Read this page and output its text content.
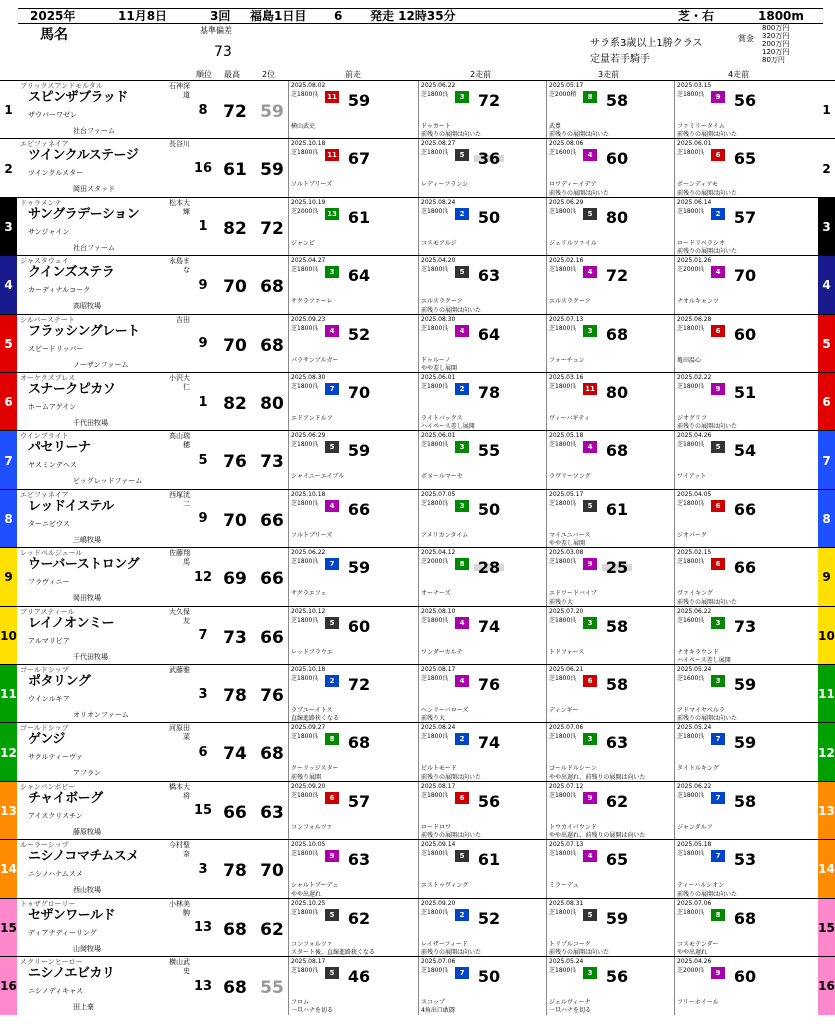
2025年	11月8日	3回 福島1日目 6 発走 12時35分	芝・右	1800m
馬名	基準偏差
73
サラ系3歳以上1勝クラス
定量若手騎手
順位 最高	2位	前走	2走前	3走前	4走前
賞金
800万円
320万円
200万円
120万円
80万円
1	1
ブリックスアンドモルタル
スピンザブラッド
ザウバーワゼレ
社台ファーム
石神深道
8 72 59
2025.08.02
芝1800良	11 59
横山武史
2025.06.22
芝1800良	3 72
ドゥカート
前残りの展開は向いた
2025.05.17
芝2000稍	8 58
武豊
前残りの展開は向いた
2025.03.15
芝1800良	9 56
ファミリータイム
前残りの展開は向いた
2	2
エピファネイア
ツインクルステージ
ツインクルスター
岡田スタッド
長谷川
16 61 59
2025.10.18
芝1800良	11 67
ソルトブリーズ
2025.08.27
芝1800良	5 36
レディーフランシ
2025.08.06
芝1600良	4 60
ロワディーイデア
前残りの展開は向いた
2025.06.01
芝1800良	6 65
ボーンディアモ
前残りの展開は向いた
3	3
ドゥラメンテ
サングラデーション
サンジャイン
社台ファーム
松本大輝
1 82 72
2025.10.19
芝2000良	13 61
ジャンピ
2025.08.24
芝1800良	2 50
コスモアルジ
2025.06.29
芝1800良	5 80
ジェリルツァイル
2025.06.14
芝1800良	2 57
ロードリベラシオ
前残りの展開は向いた
4	4
ジャスタウェイ
クインズステラ
カーディナルコーク
高昭牧場
永島まな
9 70 68
2025.04.27
芝1800良	3 64
サクラファーレ
2025.04.20
芝1800良	5 63
エルスラクーフ
前残りの展開は向いた
2025.02.16
芝1800良	4 72
エルスラクーフ
2025.01.26
芝2000良	4 70
ナオルキャンツ
5	5
シルバーステート
フラッシングレート
スピードリッパー
ノーザンファーム
吉田
9 70 68
2025.09.23
芝1800良	4 52
パラサンブルガー
2025.08.30
芝1800良	4 64
ドゥルーノ
やや差し展開
2025.07.13
芝1800良	3 68
フォーチュン
2025.06.28
芝1800良	6 60
亀田温心
6	6
オーケクスプレス
スナークピカソ
ホームアゲイン
千代田牧場
小沢大仁
1 82 80
2025.08.30
芝1800良	7 70
エドアンドルフ
2025.06.01
芝1800良	2 78
ライトバックス
ハイペース差し展開
2025.03.16
芝1800良	11 80
ヴィーバギティ
2025.02.22
芝1800良	9 51
ジオグリフ
前残りの展開は向いた
7	7
ウインブライト
パセリーナ
ヤスミンデヘス
ビッグレッドファーム
高山瑞穂
5 76 73
2025.06.29
芝1800良	5 59
シャイニーエイブル
2025.06.01
芝1800良	3 55
ボヌールマーセ
2025.05.18
芝1800良	4 68
ラヴリーソング
2025.04.26
芝1800良	5 54
ワイアット
8	8
エピファネイア
レッドイステル
ターニビウス
三嶋牧場
西塚洸二
9 70 66
2025.10.18
芝1800良	4 66
ソルトブリーズ
2025.07.05
芝1800良	3 50
アメリカンタイム
2025.05.17
芝1800良	5 61
マイユニバース
やや差し展開
2025.04.05
芝1800良	6 66
ジオパーク
9	9
レッドベルジュール
ウーバーストロング
フラヴィニー
岡田牧場
佐藤翔馬
12 69 66
2025.06.22
芝1800良	7 59
サクラエフェ
2025.04.12
芝2000良	8 28
オーナーズ
2025.03.08
芝1800良	9 25
エドワードバイブ
前残り大
2025.02.15
芝1800良	6 66
ヴァイキング
前残りの展開は向いた
10	10
ブリアスティール
レイノオンミー
アルマリビア
千代田牧場
大久保友
7 73 66
2025.10.12
芝1800良	5 60
レッドブラウエ
2025.08.10
芝1800良	4 74
ワンダーカルテ
2025.07.20
芝1800良	3 58
トドフォース
2025.06.22
芝1600良	3 73
ナオキラウンド
ハイペース差し展開
11	11
ゴールドシップ
ポタリング
ウインルキア
オリオンファーム
武藤雅
3 78 76
2025.10.18
芝1800良	2 72
ラブユーイトス
直線進路狭くなる
2025.08.17
芝1800良	4 76
ヘンリーバローズ
前残り大
2025.06.21
芝1800良	6 58
ディンギー
2025.05.24
芝1600良	3 59
アドマイヤベルラ
前残りの展開は向いた
12	12
ゴールドシップ
ゲンジ
サクルティーヴァ
アフラン
河原田菜
6 74 68
2025.09.27
芝1800良	8 68
クーリッジスター
前残り展開
2025.08.24
芝1800良	2 74
ビルトモード
前残りの展開は向いた
2025.07.06
芝1800良	3 63
ゴールドルシーン
やや出遅れ、前残りの展開は向いた
2025.05.24
芝1800良	7 59
タイトルキング
13	13
シャンパンボビー
チャイボーグ
アイスクリスチン
藤原牧場
橋本大将
15 66 63
2025.09.20
芝1800良	6 57
コンフォルツァ
2025.08.17
芝1800良	6 56
ロードロワ
前残りの展開は向いた
2025.07.12
芝1800良	9 62
トウカイパウンド
やや出遅れ、前残りの展開は向いた
2025.06.22
芝1800良	7 58
ジャンダルフ
14	14
ルーラーシップ
ニシノコマチムスメ
ニシノハナムスメ
西山牧場
今村聖奈
3 78 70
2025.10.05
芝1800良	9 63
シャルトブーデュ
やや出遅れ
2025.09.14
芝1800良	5 61
エストゥヴィング
2025.07.13
芝1800良	4 65
ミラーデュ
2025.05.18
芝1800良	7 53
ティーハルシオン
前残りの展開は向いた
15	15
トゥザグローリー
セザンワールド
ディアナディーリング
山岡牧場
小林美駒
13 68 62
2025.10.25
芝1800良	5 62
コンフォルツァ
スタート後、直線進路狭くなる
2025.09.20
芝1800良	2 52
レイザーフィード
前残りの展開は向いた
2025.08.31
芝1800良	5 59
トリプルコーク
前残りの展開は向いた
2025.07.06
芝1800良	8 68
コスモテンダー
やや出遅れ
16	16
スクリーンヒーロー
ニシノエビカリ
ニシノディキャス
田上豪
横山武史
13 68 55
2025.08.17
芝1800良	5 46
フロム
一旦ハナを切る
2025.07.06
芝1800良	7 50
スコップ
4角出口敢闘
2025.05.24
芝1800良	3 56
ジェルヴィーナ
一旦ハナを切る
2025.04.26
芝2000良	9 60
フリーホイール
